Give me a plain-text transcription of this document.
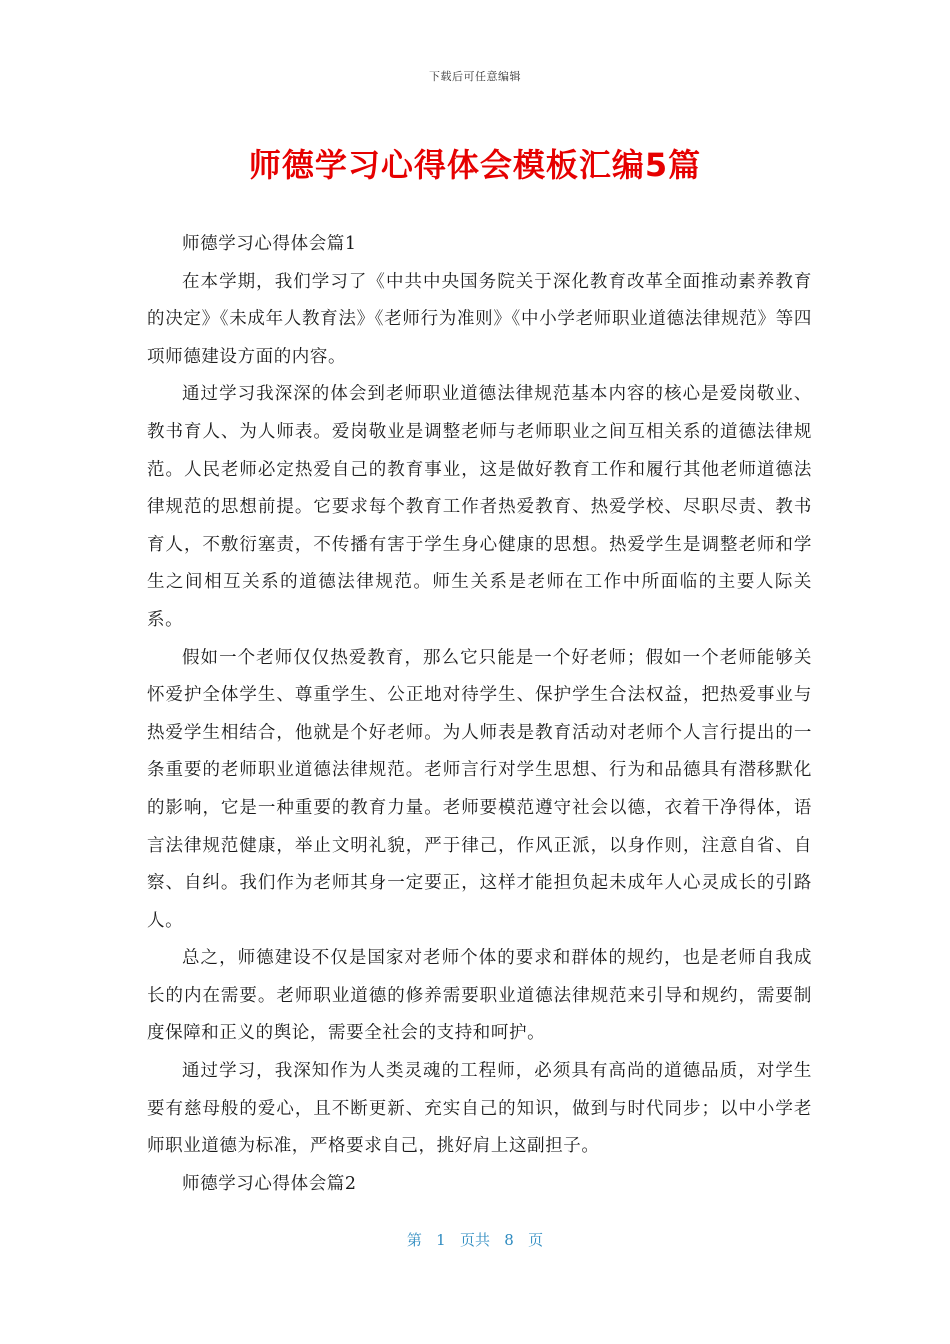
下载后可任意编辑
师德学习心得体会模板汇编5篇

师德学习心得体会篇1

在本学期，我们学习了《中共中央国务院关于深化教育改革全面推动素养教育的决定》《未成年人教育法》《老师行为准则》《中小学老师职业道德法律规范》等四项师德建设方面的内容。

通过学习我深深的体会到老师职业道德法律规范基本内容的核心是爱岗敬业、教书育人、为人师表。爱岗敬业是调整老师与老师职业之间互相关系的道德法律规范。人民老师必定热爱自己的教育事业，这是做好教育工作和履行其他老师道德法律规范的思想前提。它要求每个教育工作者热爱教育、热爱学校、尽职尽责、教书育人，不敷衍塞责，不传播有害于学生身心健康的思想。热爱学生是调整老师和学生之间相互关系的道德法律规范。师生关系是老师在工作中所面临的主要人际关系。

假如一个老师仅仅热爱教育，那么它只能是一个好老师；假如一个老师能够关怀爱护全体学生、尊重学生、公正地对待学生、保护学生合法权益，把热爱事业与热爱学生相结合，他就是个好老师。为人师表是教育活动对老师个人言行提出的一条重要的老师职业道德法律规范。老师言行对学生思想、行为和品德具有潜移默化的影响，它是一种重要的教育力量。老师要模范遵守社会以德，衣着干净得体，语言法律规范健康，举止文明礼貌，严于律己，作风正派，以身作则，注意自省、自察、自纠。我们作为老师其身一定要正，这样才能担负起未成年人心灵成长的引路人。

总之，师德建设不仅是国家对老师个体的要求和群体的规约，也是老师自我成长的内在需要。老师职业道德的修养需要职业道德法律规范来引导和规约，需要制度保障和正义的舆论，需要全社会的支持和呵护。

通过学习，我深知作为人类灵魂的工程师，必须具有高尚的道德品质，对学生要有慈母般的爱心，且不断更新、充实自己的知识，做到与时代同步；以中小学老师职业道德为标准，严格要求自己，挑好肩上这副担子。

师德学习心得体会篇2

第   1   页共   8   页
